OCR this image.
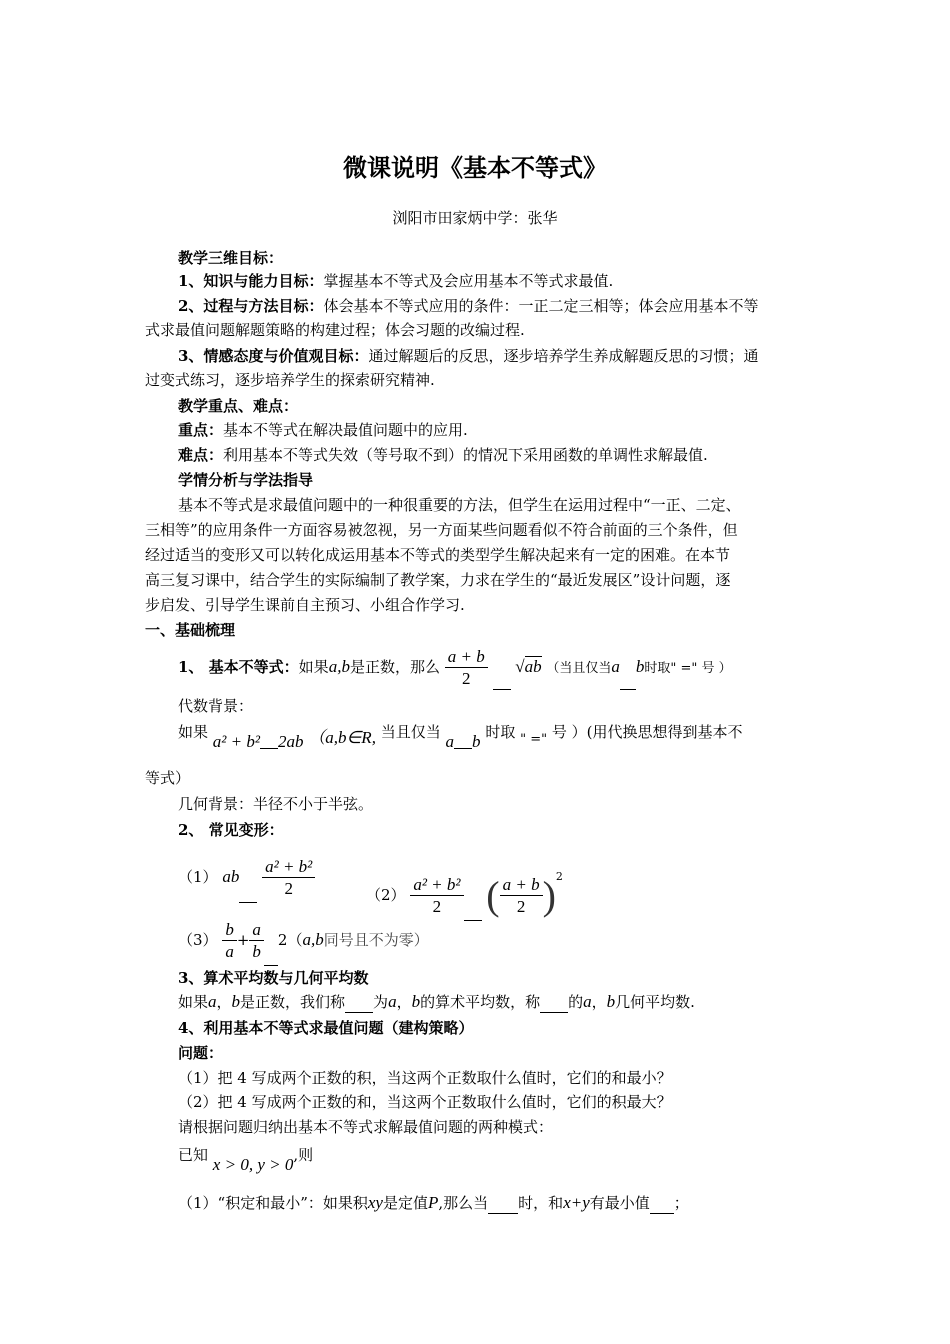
微课说明《基本不等式》
浏阳市田家炳中学：张华
教学三维目标：
1、知识与能力目标：掌握基本不等式及会应用基本不等式求最值.
2、过程与方法目标：体会基本不等式应用的条件：一正二定三相等；体会应用基本不等
式求最值问题解题策略的构建过程；体会习题的改编过程.
3、情感态度与价值观目标：通过解题后的反思，逐步培养学生养成解题反思的习惯；通
过变式练习，逐步培养学生的探索研究精神.
教学重点、难点：
重点：基本不等式在解决最值问题中的应用.
难点：利用基本不等式失效（等号取不到）的情况下采用函数的单调性求解最值.
学情分析与学法指导
基本不等式是求最值问题中的一种很重要的方法，但学生在运用过程中“一正、二定、
三相等”的应用条件一方面容易被忽视，另一方面某些问题看似不符合前面的三个条件，但
经过适当的变形又可以转化成运用基本不等式的类型学生解决起来有一定的困难。在本节
高三复习课中，结合学生的实际编制了教学案，力求在学生的“最近发展区”设计问题，逐
步启发、引导学生课前自主预习、小组合作学习.
一、基础梳理
1、 基本不等式：如果a,b是正数，那么 $\frac{a + b}{2} √ab$ （当且仅当a b时取" =" 号 ）
代数背景：
如果 a² + b² 2ab （a,b∈R, 当且仅当 a b 时取 " =" 号 ）(用代换思想得到基本不
等式）
几何背景：半径不小于半弦。
2、 常见变形：
（1） ab $\frac{\text{a² + b²}}{2}$	$(2) \frac{\text{a² + b²}}{2}$ ( $\frac{a + b}{2} )^2$
$(3) \frac{b}{a} + \frac{a}{b} 2(a,b$同号且不为零）
3、算术平均数与几何平均数
如果a，b是正数，我们称 为a，b的算术平均数，称 的a，b几何平均数.
4、利用基本不等式求最值问题（建构策略）
问题：
（1）把 4 写成两个正数的积，当这两个正数取什么值时，它们的和最小？
（2）把 4 写成两个正数的和，当这两个正数取什么值时，它们的积最大？
请根据问题归纳出基本不等式求解最值问题的两种模式：
已知 x > 0, y > 0,则
（1）“积定和最小”：如果积xy是定值P,那么当 时，和x+y有最小值 ；
